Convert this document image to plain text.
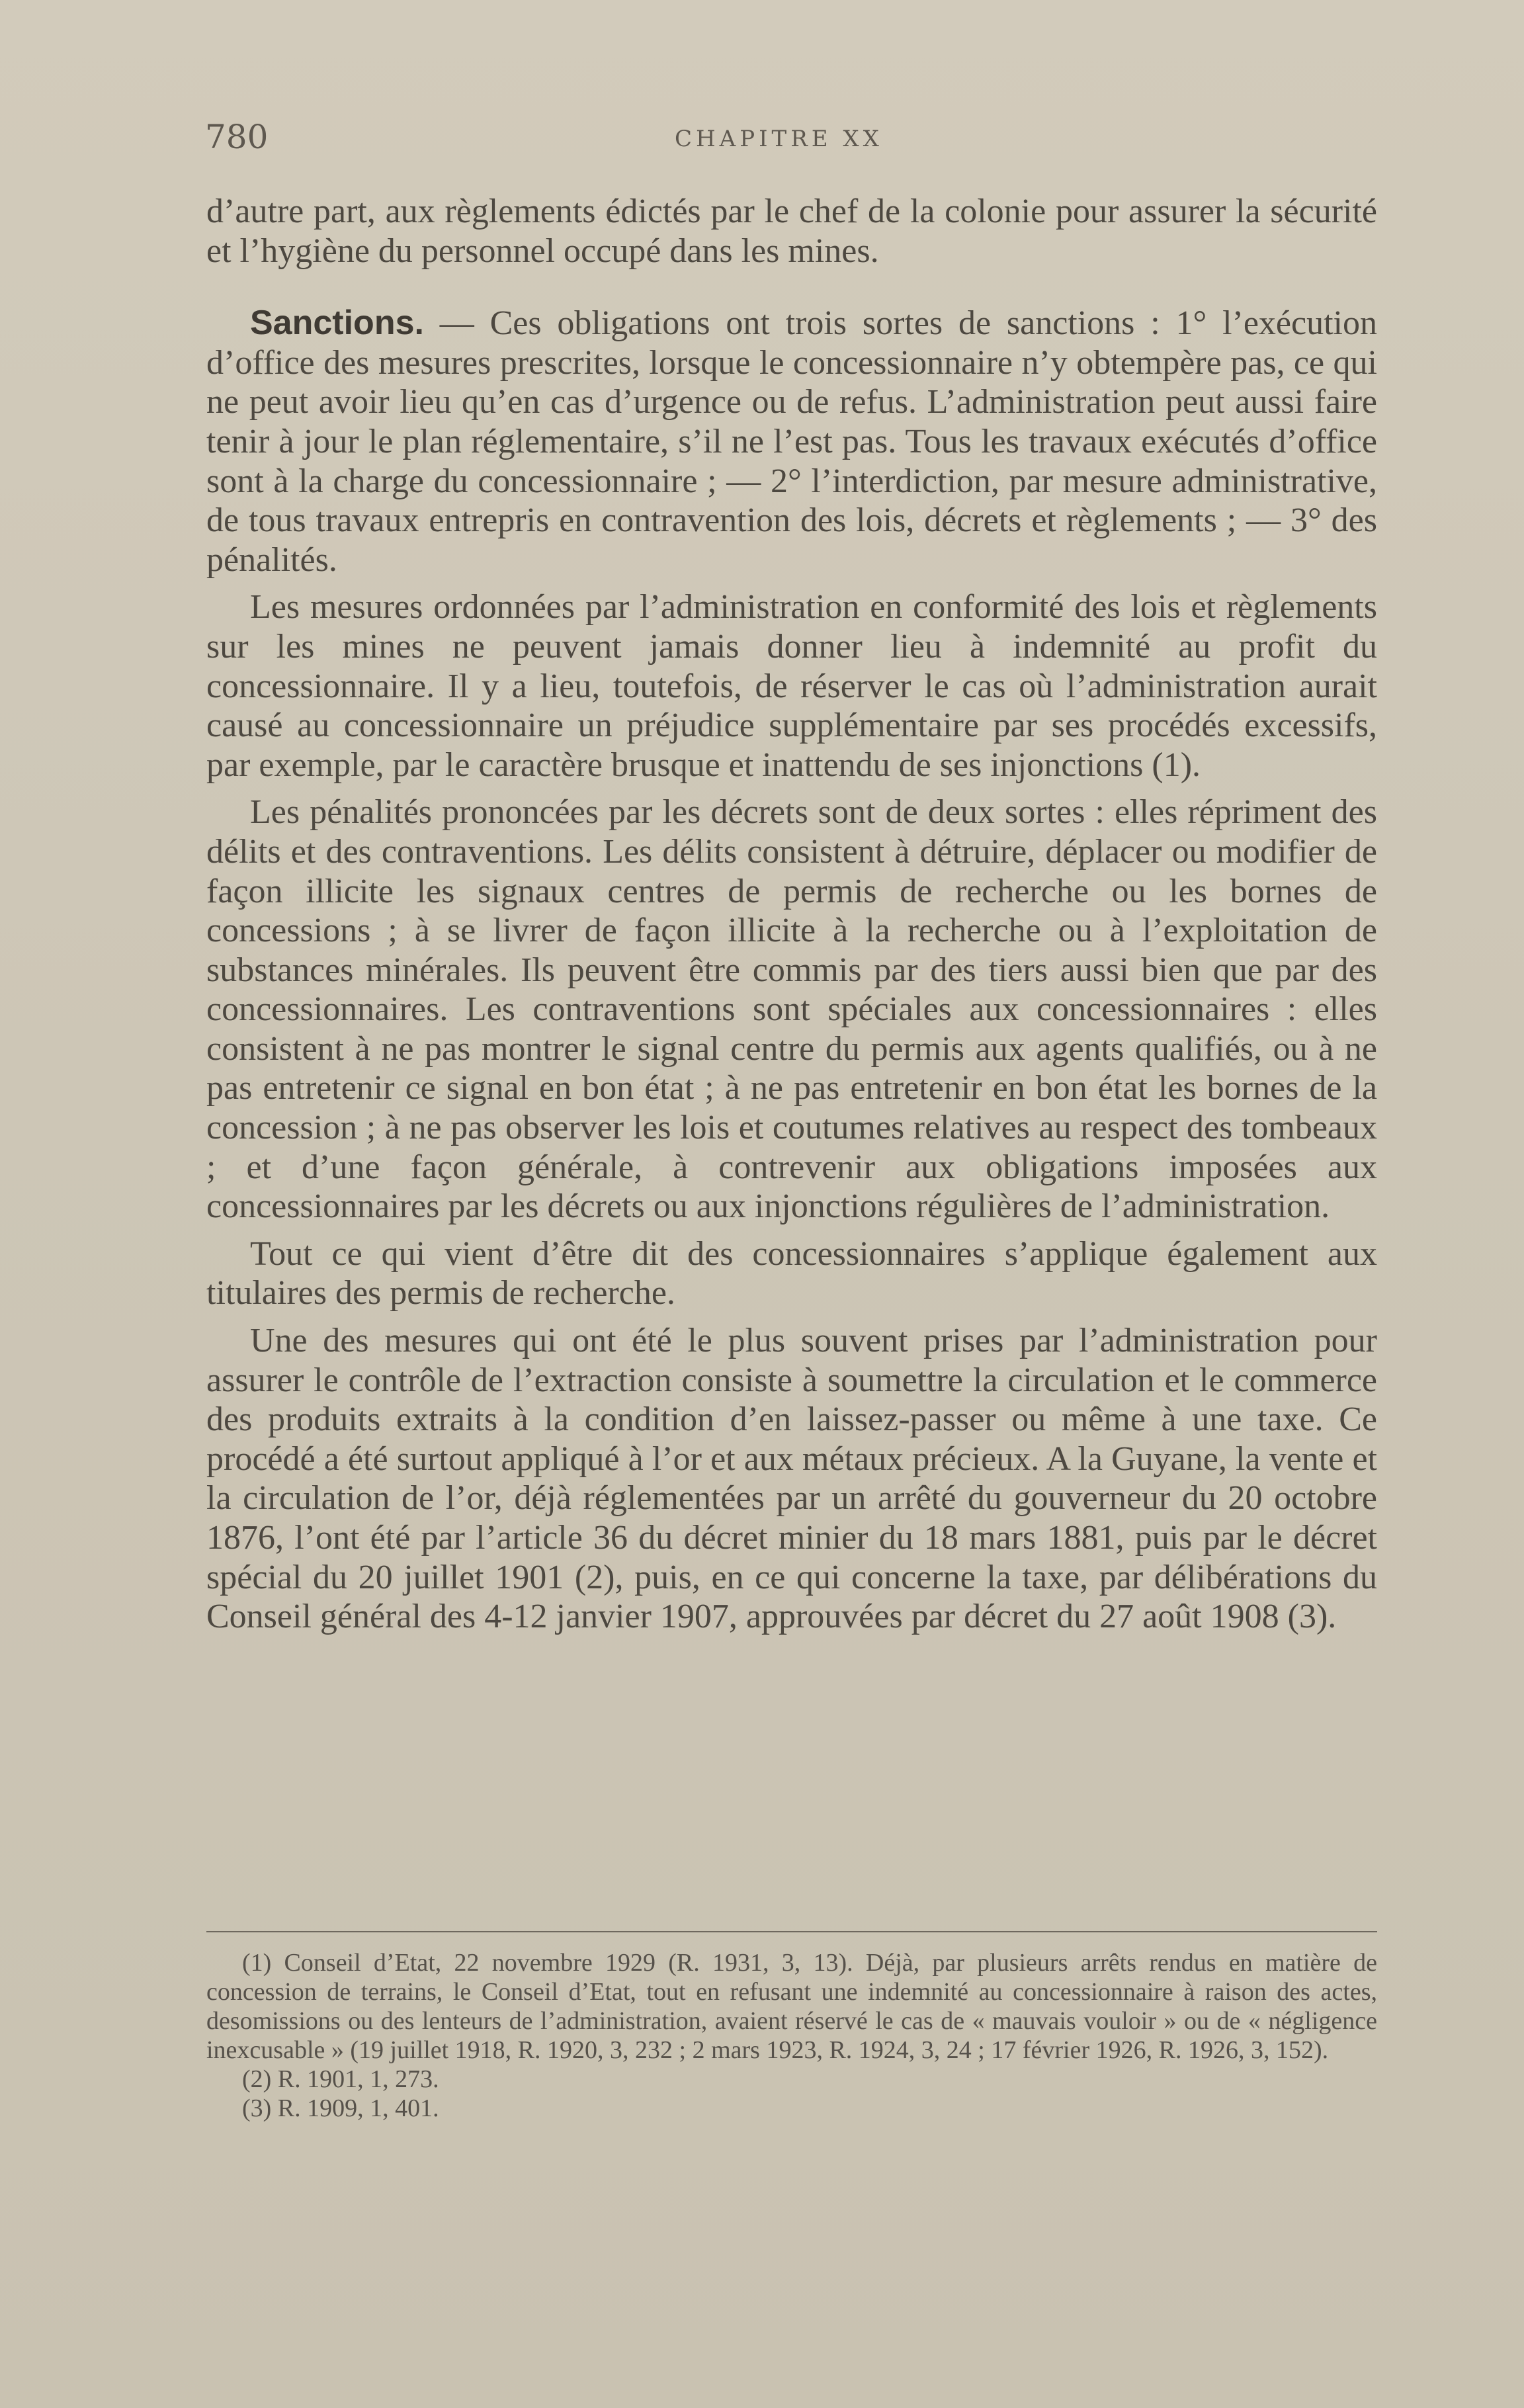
780	CHAPITRE XX

d’autre part, aux règlements édictés par le chef de la colonie pour assurer la sécurité et l’hygiène du personnel occupé dans les mines.

Sanctions. — Ces obligations ont trois sortes de sanctions : 1° l’exécution d’office des mesures prescrites, lorsque le concessionnaire n’y obtempère pas, ce qui ne peut avoir lieu qu’en cas d’urgence ou de refus. L’administration peut aussi faire tenir à jour le plan réglementaire, s’il ne l’est pas. Tous les travaux exécutés d’office sont à la charge du concessionnaire ; — 2° l’interdiction, par mesure administrative, de tous travaux entrepris en contravention des lois, décrets et règlements ; — 3° des pénalités.

Les mesures ordonnées par l’administration en conformité des lois et règlements sur les mines ne peuvent jamais donner lieu à indemnité au profit du concessionnaire. Il y a lieu, toutefois, de réserver le cas où l’administration aurait causé au concessionnaire un préjudice supplémentaire par ses procédés excessifs, par exemple, par le caractère brusque et inattendu de ses injonctions (1).

Les pénalités prononcées par les décrets sont de deux sortes : elles répriment des délits et des contraventions. Les délits consistent à détruire, déplacer ou modifier de façon illicite les signaux centres de permis de recherche ou les bornes de concessions ; à se livrer de façon illicite à la recherche ou à l’exploitation de substances minérales. Ils peuvent être commis par des tiers aussi bien que par des concessionnaires. Les contraventions sont spéciales aux concessionnaires : elles consistent à ne pas montrer le signal centre du permis aux agents qualifiés, ou à ne pas entretenir ce signal en bon état ; à ne pas entretenir en bon état les bornes de la concession ; à ne pas observer les lois et coutumes relatives au respect des tombeaux ; et d’une façon générale, à contrevenir aux obligations imposées aux concessionnaires par les décrets ou aux injonctions régulières de l’administration.

Tout ce qui vient d’être dit des concessionnaires s’applique également aux titulaires des permis de recherche.

Une des mesures qui ont été le plus souvent prises par l’administration pour assurer le contrôle de l’extraction consiste à soumettre la circulation et le commerce des produits extraits à la condition d’en laissez-passer ou même à une taxe. Ce procédé a été surtout appliqué à l’or et aux métaux précieux. A la Guyane, la vente et la circulation de l’or, déjà réglementées par un arrêté du gouverneur du 20 octobre 1876, l’ont été par l’article 36 du décret minier du 18 mars 1881, puis par le décret spécial du 20 juillet 1901 (2), puis, en ce qui concerne la taxe, par délibérations du Conseil général des 4-12 janvier 1907, approuvées par décret du 27 août 1908 (3).

(1) Conseil d’Etat, 22 novembre 1929 (R. 1931, 3, 13). Déjà, par plusieurs arrêts rendus en matière de concession de terrains, le Conseil d’Etat, tout en refusant une indemnité au concessionnaire à raison des actes, desomissions ou des lenteurs de l’administration, avaient réservé le cas de « mauvais vouloir » ou de « négligence inexcusable » (19 juillet 1918, R. 1920, 3, 232 ; 2 mars 1923, R. 1924, 3, 24 ; 17 février 1926, R. 1926, 3, 152).

(2) R. 1901, 1, 273.

(3) R. 1909, 1, 401.
